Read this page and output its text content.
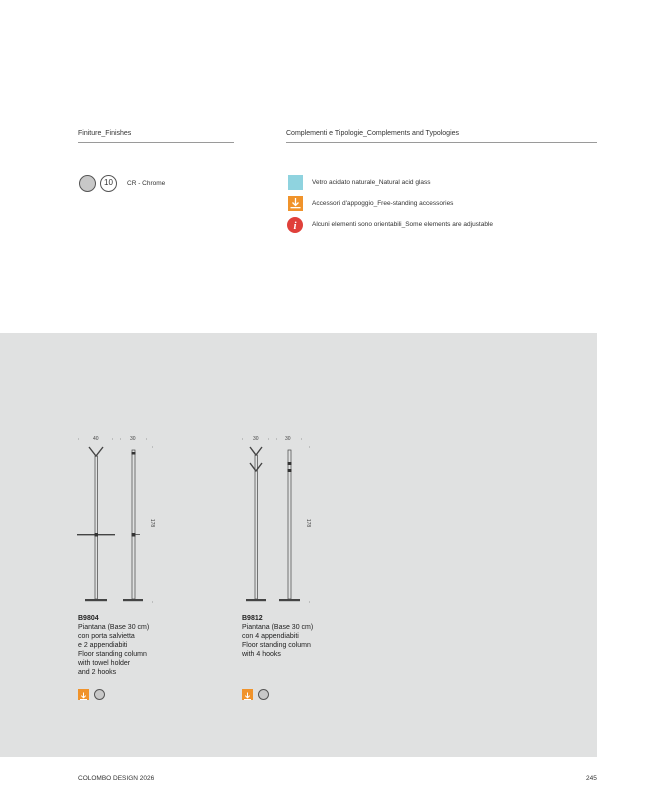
Finiture_Finishes	Complementi e Tipologie_Complements and Typologies
10	CR - Chrome	Vetro acidato naturale_Natural acid glass
Accessori d'appoggio_Free-standing accessories
i Alcuni elementi sono orientabili_Some elements are adjustable
40	30
178
30	30
178
B9804
Piantana (Base 30 cm)
con porta salvietta
e 2 appendiabiti
Floor standing column
with towel holder
and 2 hooks
B9812
Piantana (Base 30 cm)
con 4 appendiabiti
Floor standing column
with 4 hooks
COLOMBO DESIGN 2026	245
